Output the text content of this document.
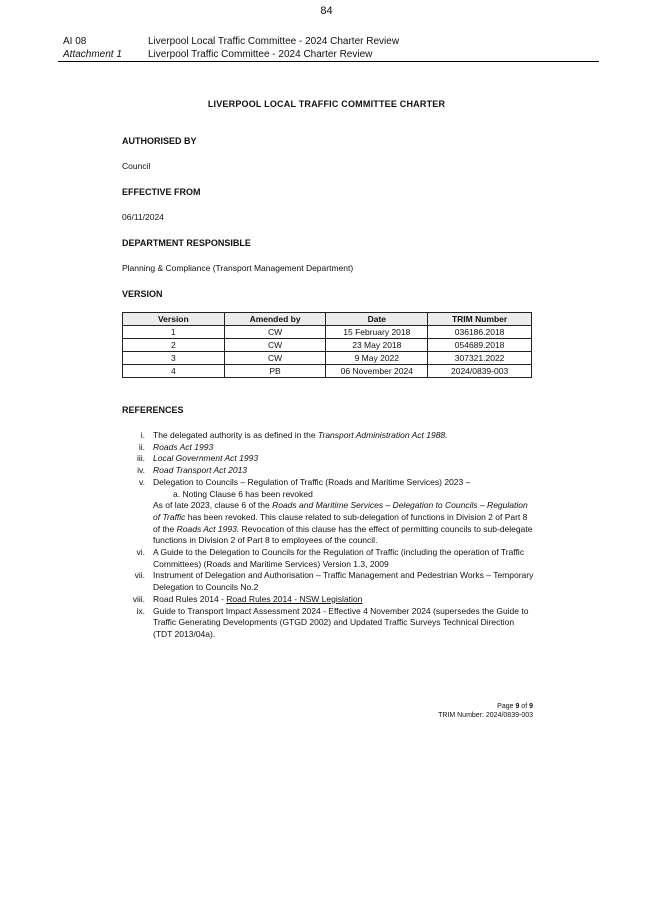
84
AI 08
Attachment 1
Liverpool Local Traffic Committee - 2024 Charter Review
Liverpool Traffic Committee - 2024 Charter Review
LIVERPOOL LOCAL TRAFFIC COMMITTEE CHARTER
AUTHORISED BY
Council
EFFECTIVE FROM
06/11/2024
DEPARTMENT RESPONSIBLE
Planning & Compliance (Transport Management Department)
VERSION
Version	Amended by	Date	TRIM Number
1	CW	15 February 2018	036186.2018
2	CW	23 May 2018	054689.2018
3	CW	9 May 2022	307321.2022
4	PB	06 November 2024	2024/0839-003
REFERENCES
i. The delegated authority is as defined in the Transport Administration Act 1988.
ii. Roads Act 1993
iii. Local Government Act 1993
iv. Road Transport Act 2013
v. Delegation to Councils – Regulation of Traffic (Roads and Maritime Services) 2023 –
a. Noting Clause 6 has been revoked
As of late 2023, clause 6 of the Roads and Maritime Services – Delegation to Councils – Regulation of Traffic has been revoked. This clause related to sub-delegation of functions in Division 2 of Part 8 of the Roads Act 1993. Revocation of this clause has the effect of permitting councils to sub-delegate functions in Division 2 of Part 8 to employees of the council.
vi. A Guide to the Delegation to Councils for the Regulation of Traffic (including the operation of Traffic Committees) (Roads and Maritime Services) Version 1.3, 2009
vii. Instrument of Delegation and Authorisation – Traffic Management and Pedestrian Works – Temporary Delegation to Councils No.2
viii. Road Rules 2014 - Road Rules 2014 - NSW Legislation
ix. Guide to Transport Impact Assessment 2024 - Effective 4 November 2024 (supersedes the Guide to Traffic Generating Developments (GTGD 2002) and Updated Traffic Surveys Technical Direction (TDT 2013/04a).
Page 9 of 9
TRIM Number: 2024/0839-003
